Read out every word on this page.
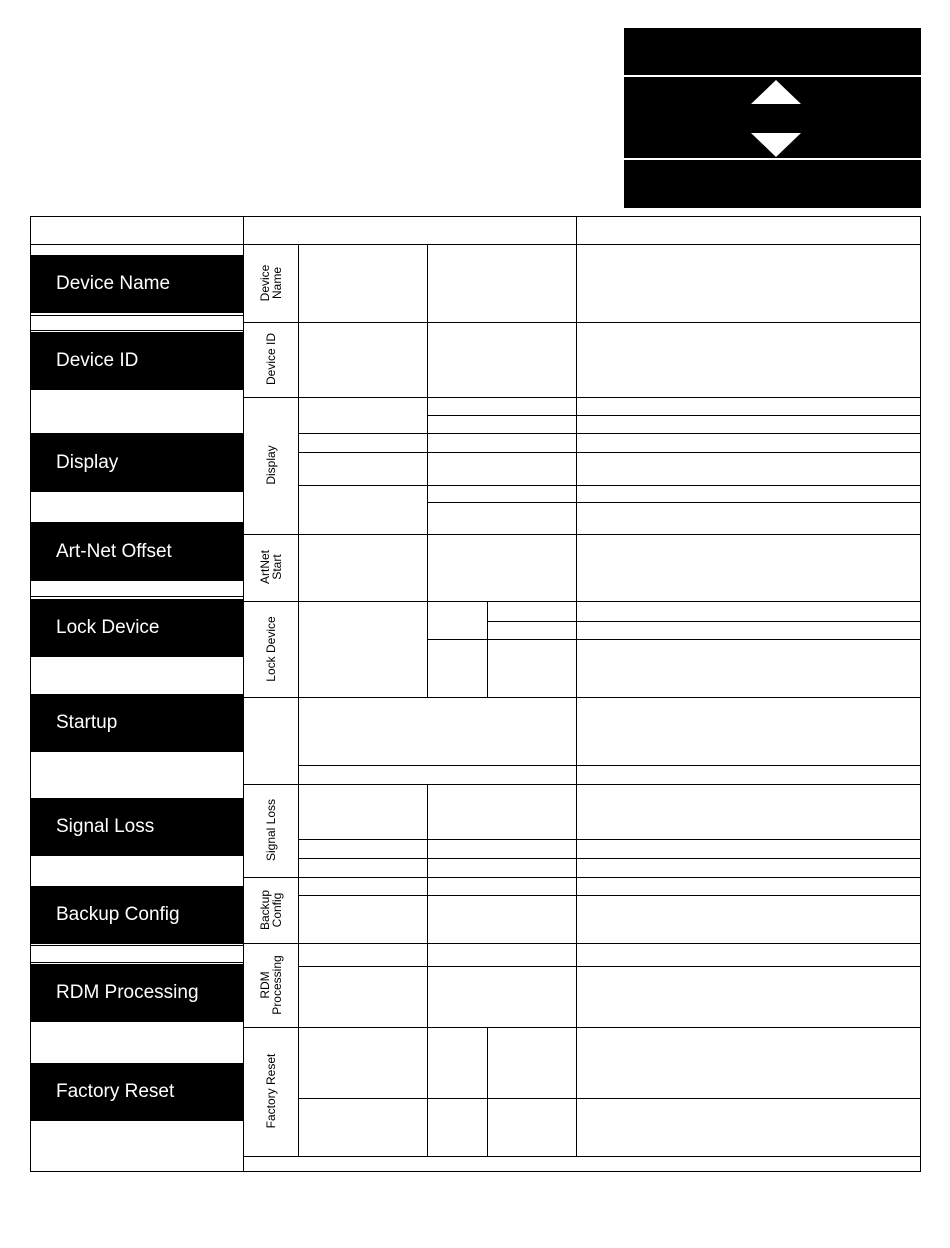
MENU
System
IP X.XXX.XXX.XXX
Device Name
Device ID
Display
Art-Net Offset
Lock Device
Startup
Signal Loss
Backup Config
RDM Processing
Factory Reset
Device Name
Device ID
Display
ArtNet Start
Lock Device
Signal Loss
Backup Config
RDM Processing
Factory Reset
